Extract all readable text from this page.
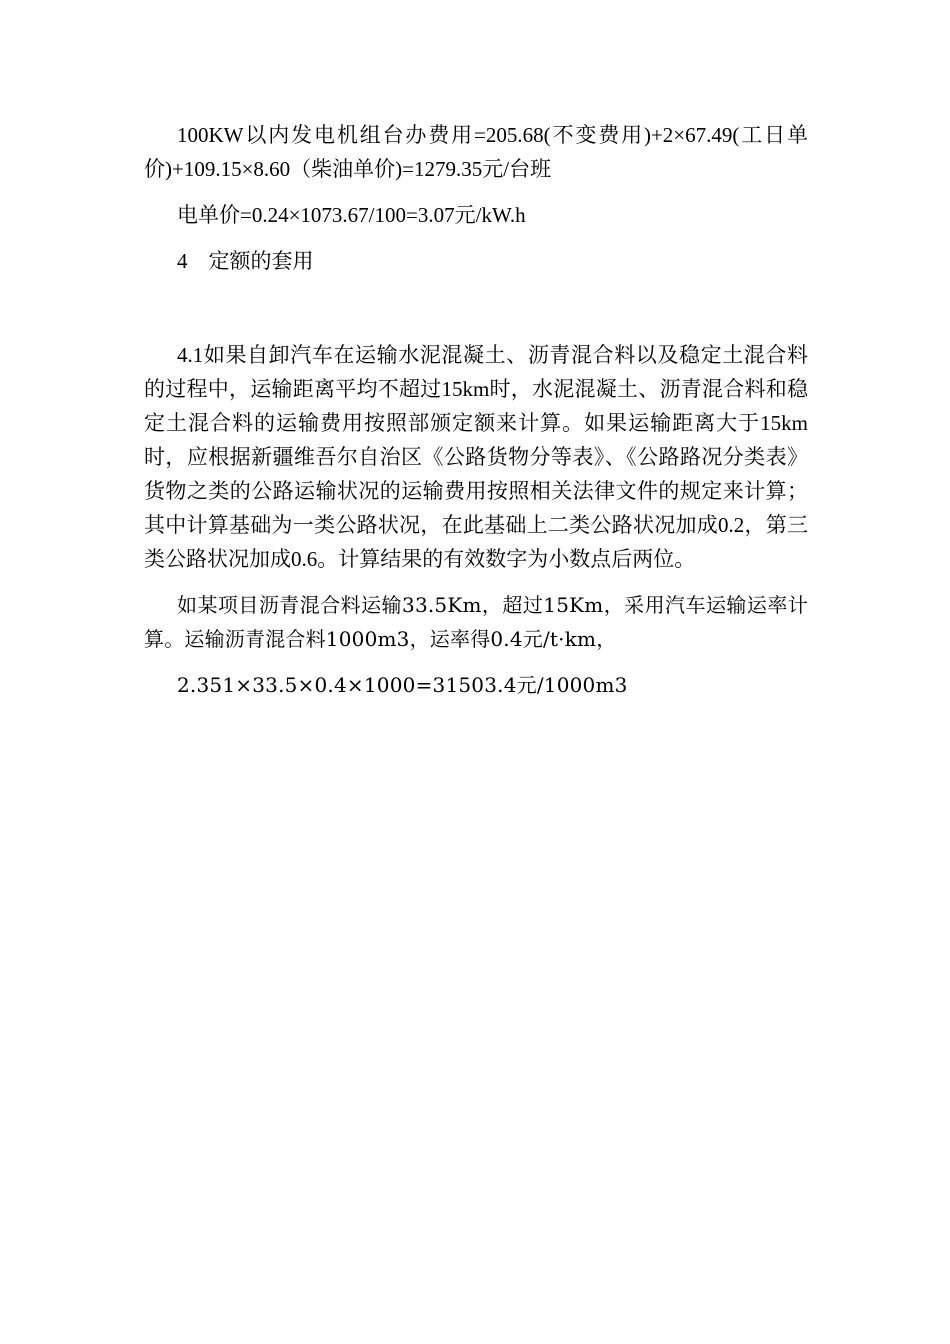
100KW以内发电机组台办费用=205.68(不变费用)+2×67.49(工日单价)+109.15×8.60（柴油单价)=1279.35元/台班

电单价=0.24×1073.67/100=3.07元/kW.h

4　定额的套用

4.1如果自卸汽车在运输水泥混凝土、沥青混合料以及稳定土混合料的过程中，运输距离平均不超过15km时，水泥混凝土、沥青混合料和稳定土混合料的运输费用按照部颁定额来计算。如果运输距离大于15km时，应根据新疆维吾尔自治区《公路货物分等表》、《公路路况分类表》货物之类的公路运输状况的运输费用按照相关法律文件的规定来计算；其中计算基础为一类公路状况，在此基础上二类公路状况加成0.2，第三类公路状况加成0.6。计算结果的有效数字为小数点后两位。

如某项目沥青混合料运输33.5Km，超过15Km，采用汽车运输运率计算。运输沥青混合料1000m3，运率得0.4元/t·km，

2.351×33.5×0.4×1000=31503.4元/1000m3
